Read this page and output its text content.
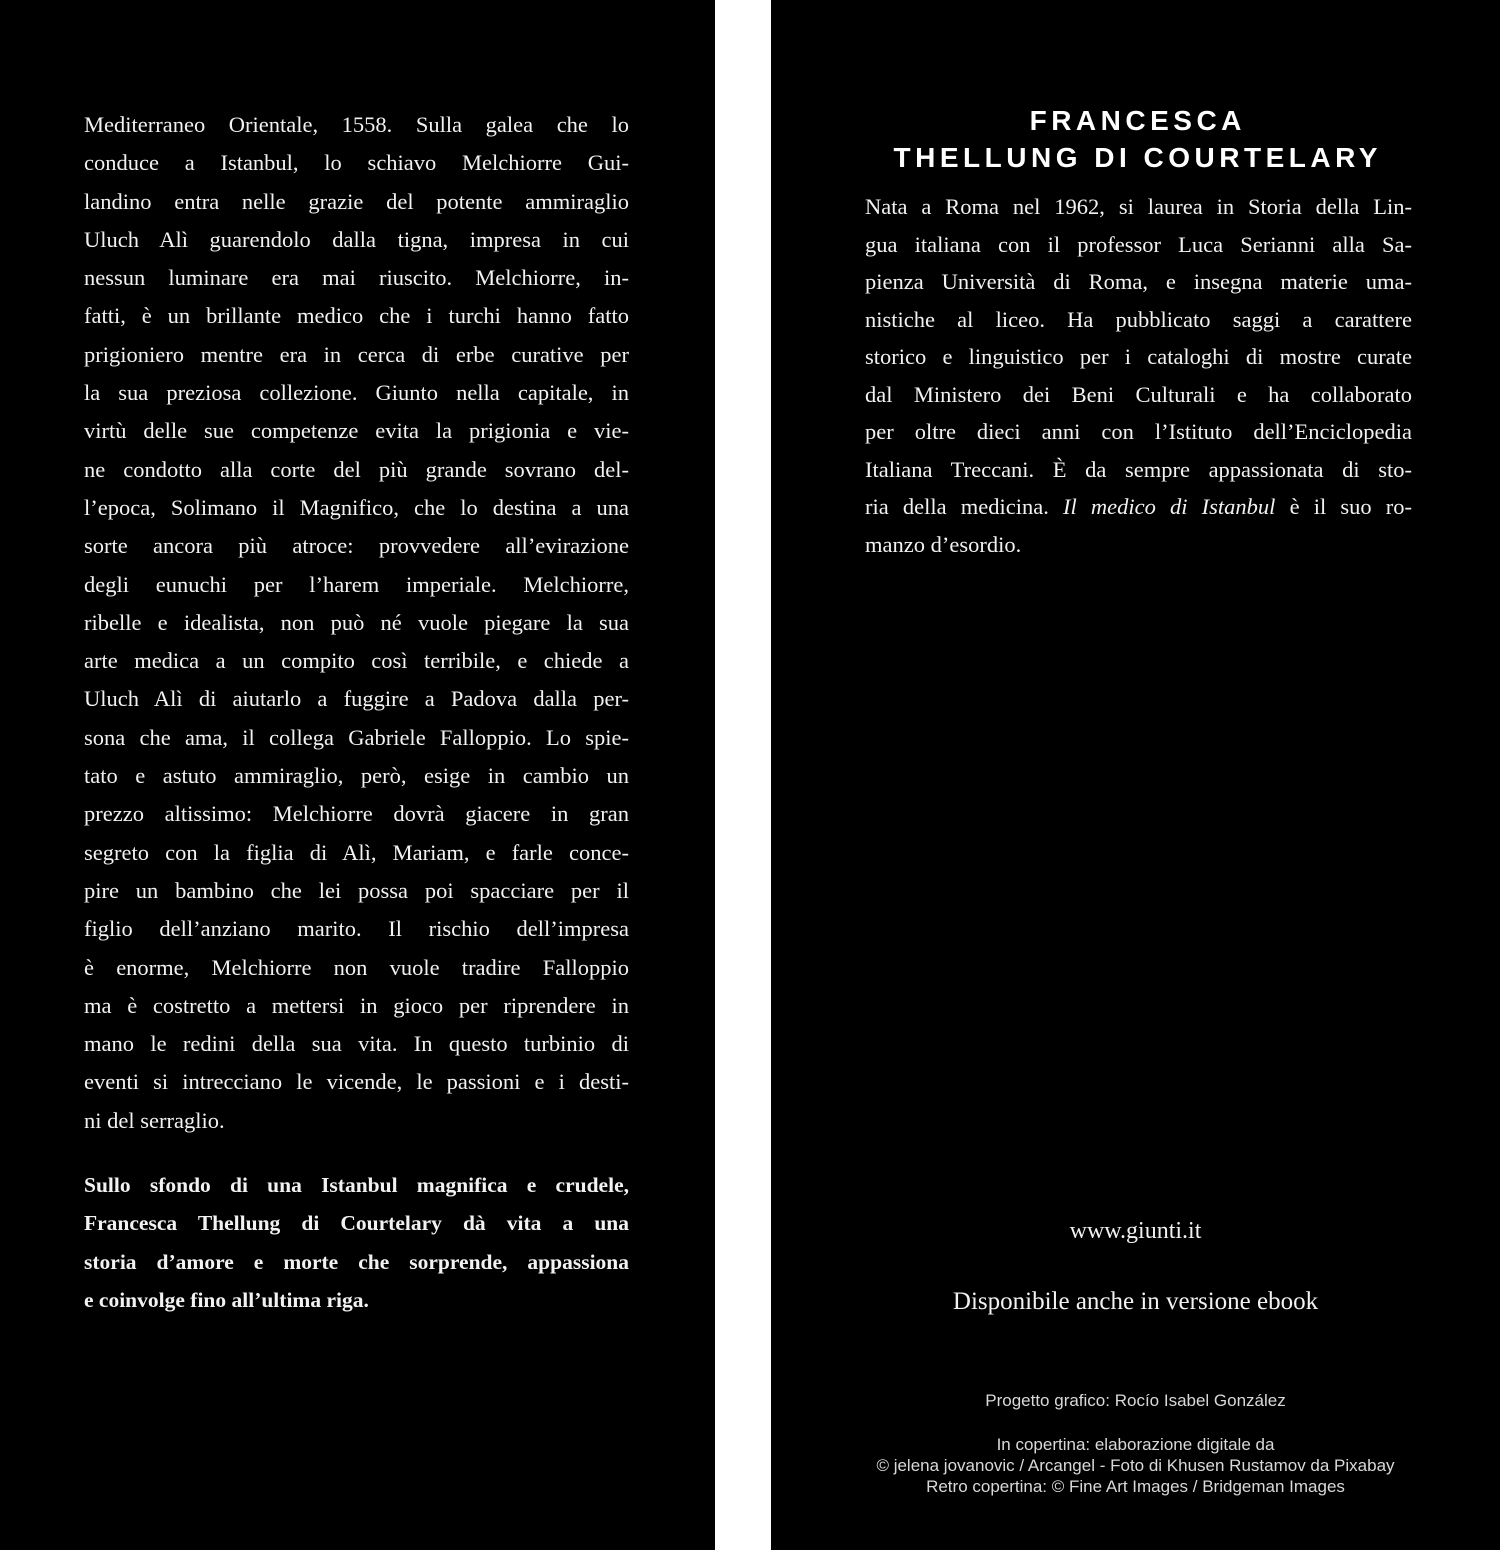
Mediterraneo Orientale, 1558. Sulla galea che lo
conduce a Istanbul, lo schiavo Melchiorre Gui-
landino entra nelle grazie del potente ammiraglio
Uluch Alì guarendolo dalla tigna, impresa in cui
nessun luminare era mai riuscito. Melchiorre, in-
fatti, è un brillante medico che i turchi hanno fatto
prigioniero mentre era in cerca di erbe curative per
la sua preziosa collezione. Giunto nella capitale, in
virtù delle sue competenze evita la prigionia e vie-
ne condotto alla corte del più grande sovrano del-
l’epoca, Solimano il Magnifico, che lo destina a una
sorte ancora più atroce: provvedere all’evirazione
degli eunuchi per l’harem imperiale. Melchiorre,
ribelle e idealista, non può né vuole piegare la sua
arte medica a un compito così terribile, e chiede a
Uluch Alì di aiutarlo a fuggire a Padova dalla per-
sona che ama, il collega Gabriele Falloppio. Lo spie-
tato e astuto ammiraglio, però, esige in cambio un
prezzo altissimo: Melchiorre dovrà giacere in gran
segreto con la figlia di Alì, Mariam, e farle conce-
pire un bambino che lei possa poi spacciare per il
figlio dell’anziano marito. Il rischio dell’impresa
è enorme, Melchiorre non vuole tradire Falloppio
ma è costretto a mettersi in gioco per riprendere in
mano le redini della sua vita. In questo turbinio di
eventi si intrecciano le vicende, le passioni e i desti-
ni del serraglio.
Sullo sfondo di una Istanbul magnifica e crudele,
Francesca Thellung di Courtelary dà vita a una
storia d’amore e morte che sorprende, appassiona
e coinvolge fino all’ultima riga.
FRANCESCA
THELLUNG DI COURTELARY
Nata a Roma nel 1962, si laurea in Storia della Lin-
gua italiana con il professor Luca Serianni alla Sa-
pienza Università di Roma, e insegna materie uma-
nistiche al liceo. Ha pubblicato saggi a carattere
storico e linguistico per i cataloghi di mostre curate
dal Ministero dei Beni Culturali e ha collaborato
per oltre dieci anni con l’Istituto dell’Enciclopedia
Italiana Treccani. È da sempre appassionata di sto-
ria della medicina. Il medico di Istanbul è il suo ro-
manzo d’esordio.
www.giunti.it
Disponibile anche in versione ebook
Progetto grafico: Rocío Isabel González
In copertina: elaborazione digitale da
© jelena jovanovic / Arcangel - Foto di Khusen Rustamov da Pixabay
Retro copertina: © Fine Art Images / Bridgeman Images
